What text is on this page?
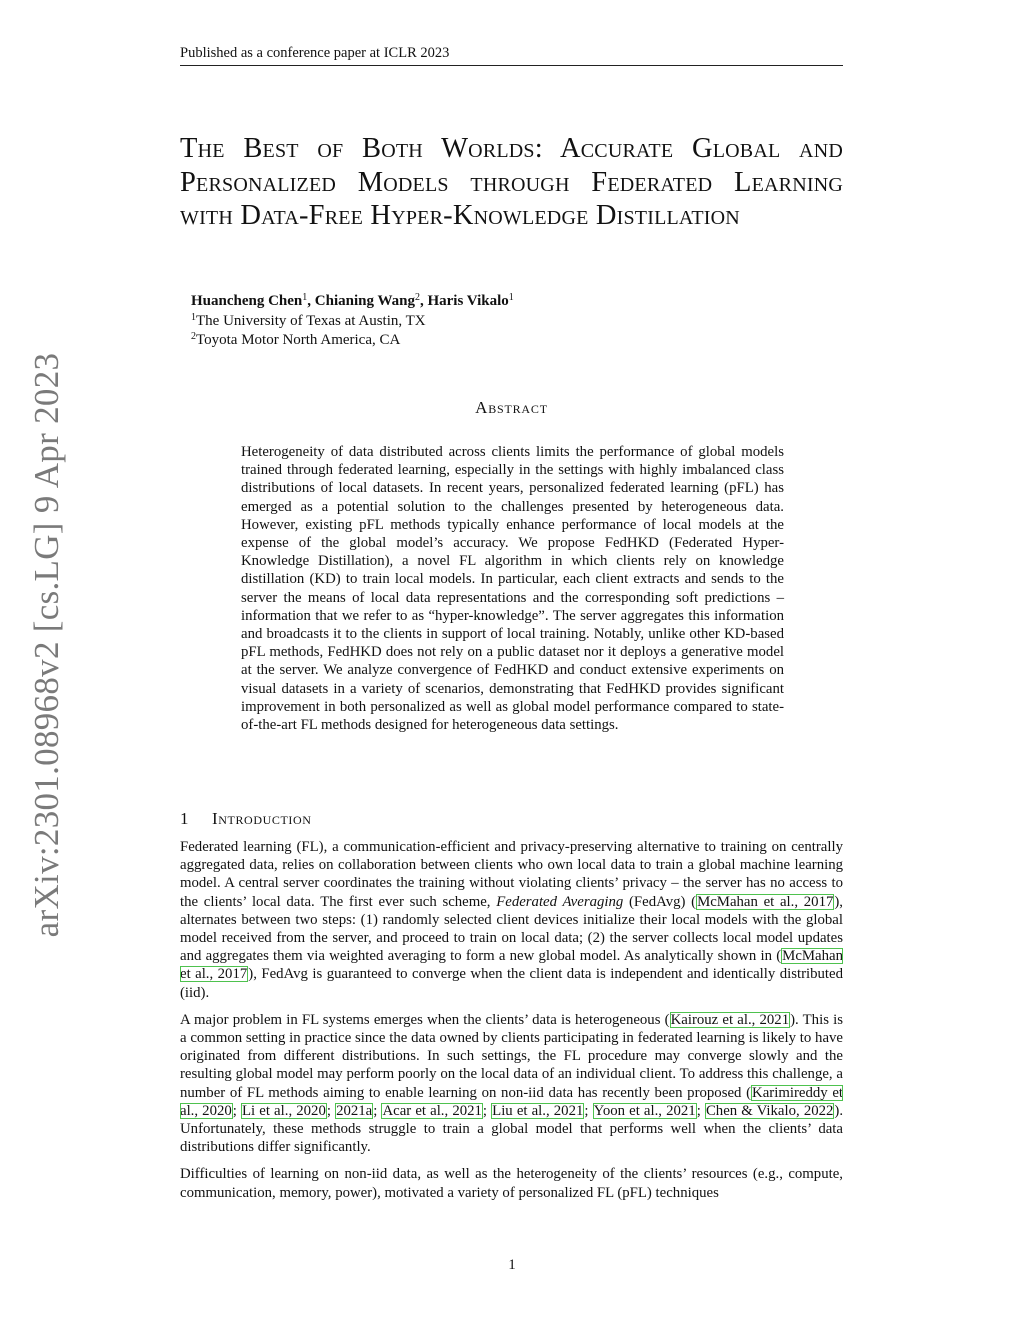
Published as a conference paper at ICLR 2023
arXiv:2301.08968v2 [cs.LG] 9 Apr 2023
The Best of Both Worlds: Accurate Global and Personalized Models through Federated Learning with Data-Free Hyper-Knowledge Distillation
Huancheng Chen$^1$, Chianing Wang$^2$, Haris Vikalo$^1$
$^1$The University of Texas at Austin, TX
$^2$Toyota Motor North America, CA
Abstract
Heterogeneity of data distributed across clients limits the performance of global models trained through federated learning, especially in the settings with highly imbalanced class distributions of local datasets. In recent years, personalized federated learning (pFL) has emerged as a potential solution to the challenges presented by heterogeneous data. However, existing pFL methods typically enhance performance of local models at the expense of the global model’s accuracy. We propose FedHKD (Federated Hyper-Knowledge Distillation), a novel FL algorithm in which clients rely on knowledge distillation (KD) to train local models. In particular, each client extracts and sends to the server the means of local data representations and the corresponding soft predictions – information that we refer to as “hyper-knowledge”. The server aggregates this information and broadcasts it to the clients in support of local training. Notably, unlike other KD-based pFL methods, FedHKD does not rely on a public dataset nor it deploys a generative model at the server. We analyze convergence of FedHKD and conduct extensive experiments on visual datasets in a variety of scenarios, demonstrating that FedHKD provides significant improvement in both personalized as well as global model performance compared to state-of-the-art FL methods designed for heterogeneous data settings.
1 Introduction

Federated learning (FL), a communication-efficient and privacy-preserving alternative to training on centrally aggregated data, relies on collaboration between clients who own local data to train a global machine learning model. A central server coordinates the training without violating clients’ privacy – the server has no access to the clients’ local data. The first ever such scheme, Federated Averaging (FedAvg) (McMahan et al., 2017), alternates between two steps: (1) randomly selected client devices initialize their local models with the global model received from the server, and proceed to train on local data; (2) the server collects local model updates and aggregates them via weighted averaging to form a new global model. As analytically shown in (McMahan et al., 2017), FedAvg is guaranteed to converge when the client data is independent and identically distributed (iid).

A major problem in FL systems emerges when the clients’ data is heterogeneous (Kairouz et al., 2021). This is a common setting in practice since the data owned by clients participating in federated learning is likely to have originated from different distributions. In such settings, the FL procedure may converge slowly and the resulting global model may perform poorly on the local data of an individual client. To address this challenge, a number of FL methods aiming to enable learning on non-iid data has recently been proposed (Karimireddy et al., 2020; Li et al., 2020; 2021a; Acar et al., 2021; Liu et al., 2021; Yoon et al., 2021; Chen & Vikalo, 2022). Unfortunately, these methods struggle to train a global model that performs well when the clients’ data distributions differ significantly.

Difficulties of learning on non-iid data, as well as the heterogeneity of the clients’ resources (e.g., compute, communication, memory, power), motivated a variety of personalized FL (pFL) techniques

1
